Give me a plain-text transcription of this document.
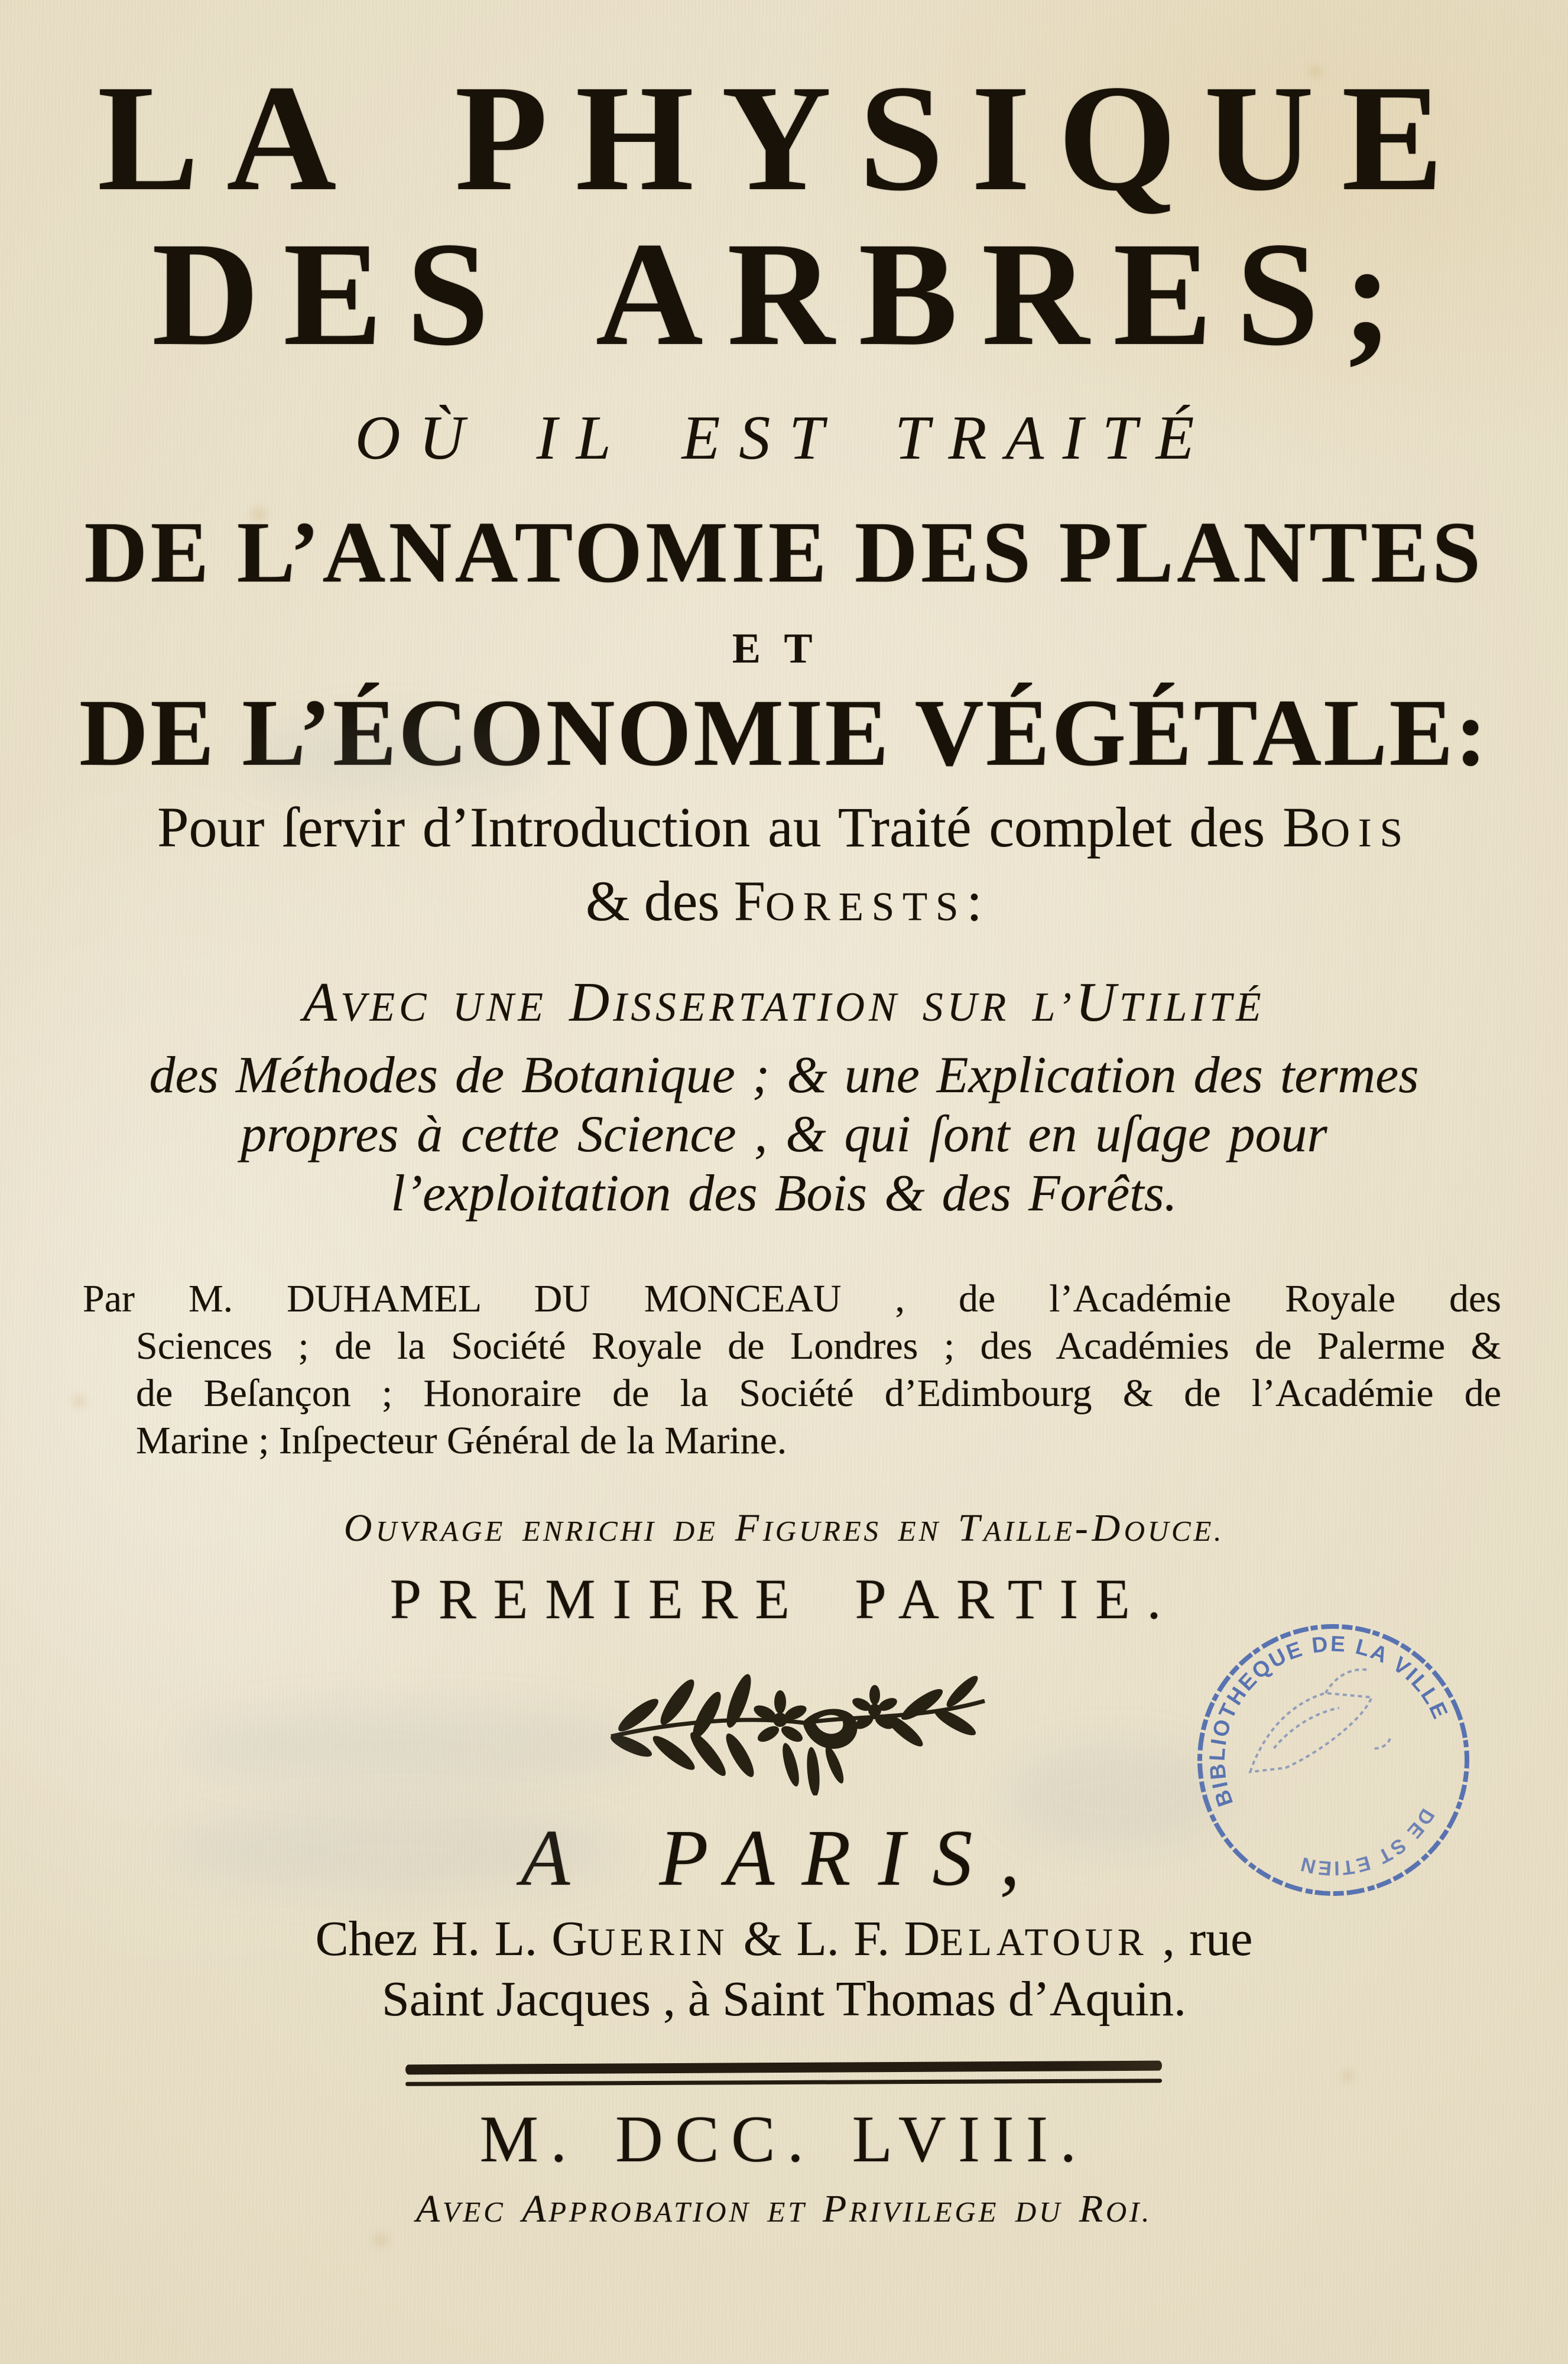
LA PHYSIQUE
DES ARBRES;
OÙ IL EST TRAITÉ
DE L’ANATOMIE DES PLANTES
ET
DE L’ÉCONOMIE VÉGÉTALE:
Pour ſervir d’Introduction au Traité complet des BOIS
& des FORESTS:
AVEC UNE DISSERTATION SUR L’UTILITÉ
des Méthodes de Botanique ; & une Explication des termes
propres à cette Science , & qui ſont en uſage pour
l’exploitation des Bois & des Forêts.
Par M. DUHAMEL DU MONCEAU , de l’Académie Royale des
Sciences ; de la Société Royale de Londres ; des Académies de Palerme &
de Beſançon ; Honoraire de la Société d’Edimbourg & de l’Académie de
Marine ; Inſpecteur Général de la Marine.
OUVRAGE ENRICHI DE FIGURES EN TAILLE-DOUCE.
PREMIERE PARTIE.
BIBLIOTHEQUE DE LA VILLE
DE ST ETIEN
A PARIS,
Chez H. L. GUERIN & L. F. DELATOUR , rue
Saint Jacques , à Saint Thomas d’Aquin.
M. DCC. LVIII.
AVEC APPROBATION ET PRIVILEGE DU ROI.
